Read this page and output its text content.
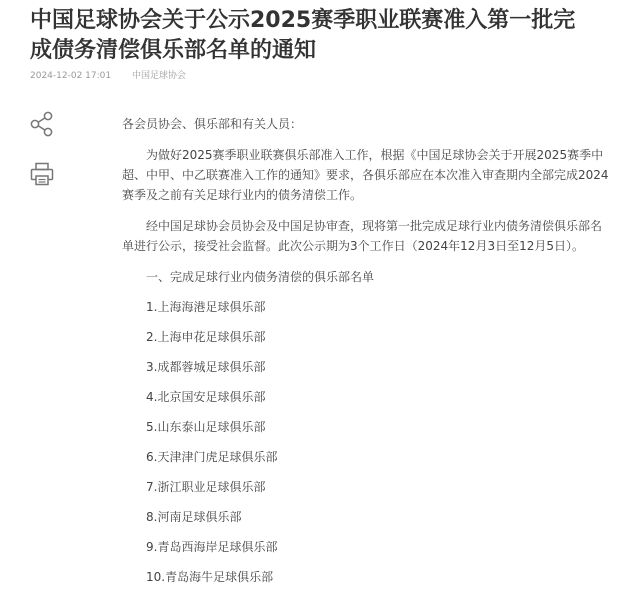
中国足球协会关于公示2025赛季职业联赛准入第一批完
成债务清偿俱乐部名单的通知
2024-12-02 17:01 中国足球协会

各会员协会、俱乐部和有关人员：

为做好2025赛季职业联赛俱乐部准入工作，根据《中国足球协会关于开展2025赛季中超、中甲、中乙联赛准入工作的通知》要求，各俱乐部应在本次准入审查期内全部完成2024赛季及之前有关足球行业内的债务清偿工作。

经中国足球协会员协会及中国足协审查，现将第一批完成足球行业内债务清偿俱乐部名单进行公示，接受社会监督。此次公示期为3个工作日（2024年12月3日至12月5日）。

一、完成足球行业内债务清偿的俱乐部名单

1.上海海港足球俱乐部
2.上海申花足球俱乐部
3.成都蓉城足球俱乐部
4.北京国安足球俱乐部
5.山东泰山足球俱乐部
6.天津津门虎足球俱乐部
7.浙江职业足球俱乐部
8.河南足球俱乐部
9.青岛西海岸足球俱乐部
10.青岛海牛足球俱乐部
